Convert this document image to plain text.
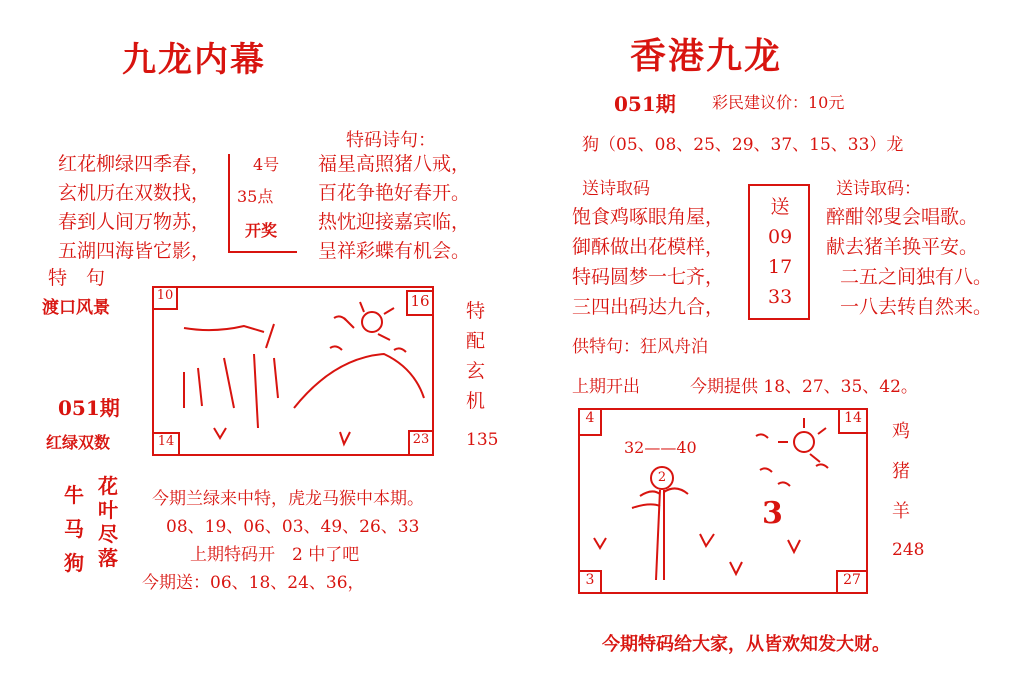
九龙内幕
红花柳绿四季春，
玄机历在双数找，
春到人间万物苏，
五湖四海皆它影，
4号
35点
开奖
特码诗句：
福星高照猪八戒，
百花争艳好春开。
热忱迎接嘉宾临，
呈祥彩蝶有机会。
特　句
渡口风景
051期
红绿双数
10	16
14	23
特
配
玄
机
135
牛
马
狗
花
叶
尽
落
今期兰绿来中特，虎龙马猴中本期。
08、19、06、03、49、26、33
上期特码开　2 中了吧
今期送：06、18、24、36，
香港九龙
051期 彩民建议价：10元
狗（05、08、25、29、37、15、33）龙
送诗取码
饱食鸡啄眼角屋，
御酥做出花模样，
特码圆梦一七齐，
三四出码达九合，
送
09
17
33
送诗取码：
醉酣邻叟会唱歌。
献去猪羊换平安。
二五之间独有八。
一八去转自然来。
供特句：狂风舟泊
上期开出	今期提供 18、27、35、42。
4	14
3	27
32——40
2
3
鸡
猪
羊
248
今期特码给大家，从皆欢知发大财。
